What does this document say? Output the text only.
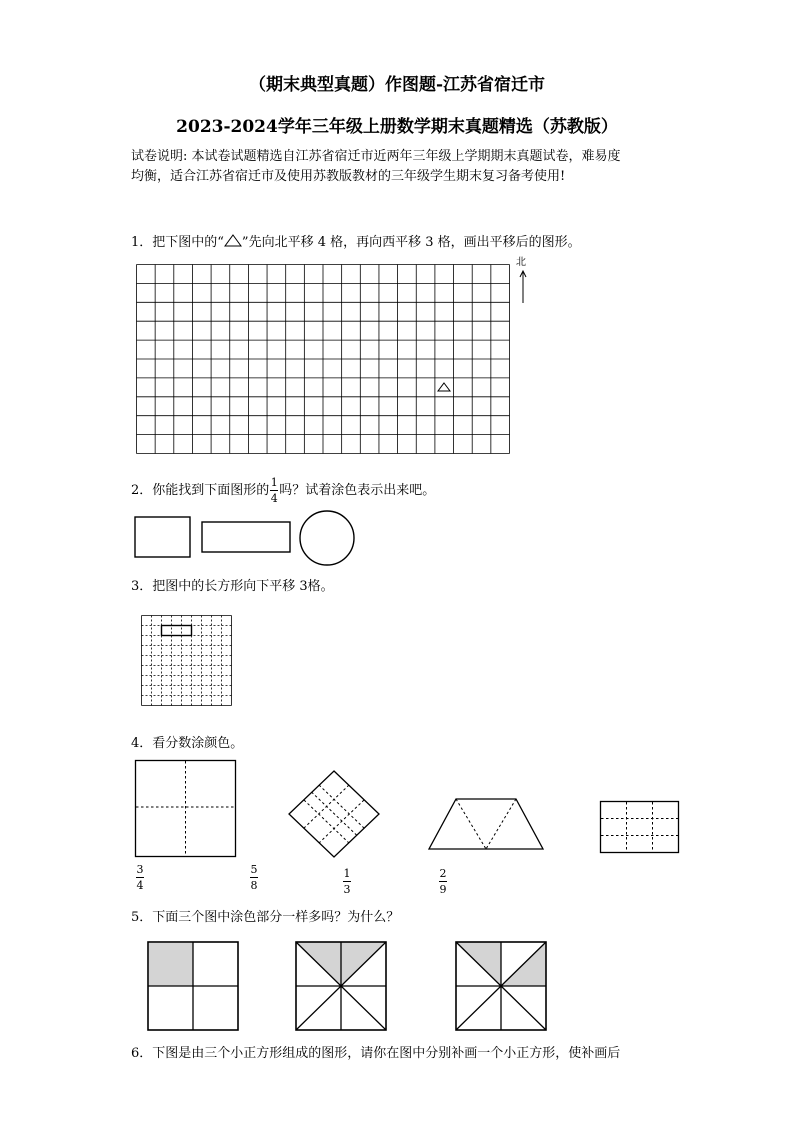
（期末典型真题）作图题-江苏省宿迁市
2023-2024学年三年级上册数学期末真题精选（苏教版）
试卷说明: 本试卷试题精选自江苏省宿迁市近两年三年级上学期期末真题试卷，难易度
均衡，适合江苏省宿迁市及使用苏教版教材的三年级学生期末复习备考使用!
1．把下图中的“ ”先向北平移 4 格，再向西平移 3 格，画出平移后的图形。
北
2．你能找到下面图形的
1
4
吗？试着涂色表示出来吧。
3．把图中的长方形向下平移 3格。
4．看分数涂颜色。
3
4
5
8
1
3
2
9
5．下面三个图中涂色部分一样多吗？为什么？
6．下图是由三个小正方形组成的图形，请你在图中分别补画一个小正方形，使补画后
